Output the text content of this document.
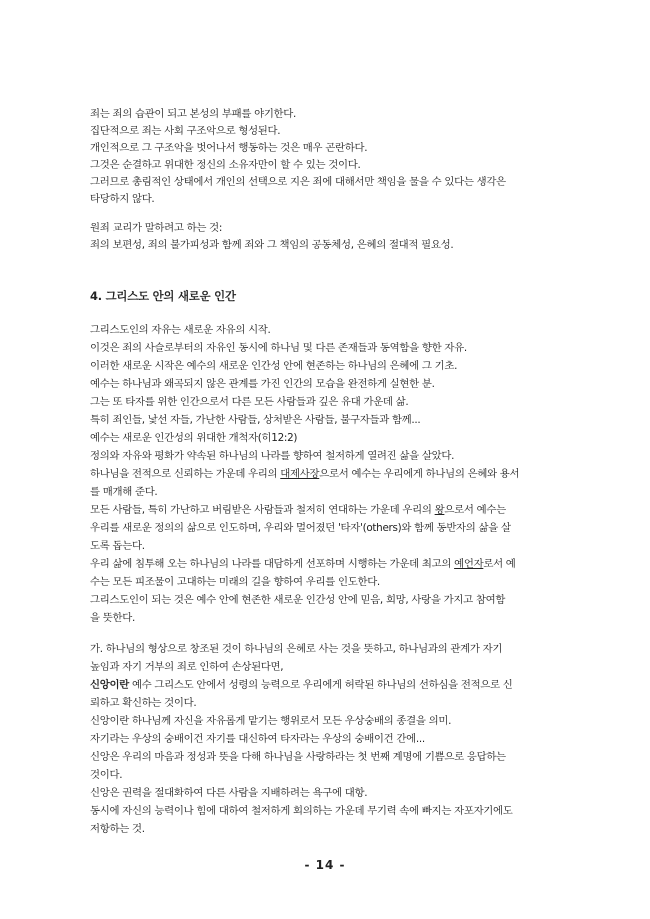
죄는 죄의 습관이 되고 본성의 부패를 야기한다.
집단적으로 죄는 사회 구조악으로 형성된다.
개인적으로 그 구조악을 벗어나서 행동하는 것은 매우 곤란하다.
그것은 순결하고 위대한 정신의 소유자만이 할 수 있는 것이다.
그러므로 총림적인 상태에서 개인의 선택으로 지은 죄에 대해서만 책임을 물을 수 있다는 생각은
타당하지 않다.
원죄 교리가 말하려고 하는 것:
죄의 보편성, 죄의 불가피성과 함께 죄와 그 책임의 공동체성, 은혜의 절대적 필요성.
4. 그리스도 안의 새로운 인간
그리스도인의 자유는 새로운 자유의 시작.
이것은 죄의 사슬로부터의 자유인 동시에 하나님 및 다른 존재들과 동역함을 향한 자유.
이러한 새로운 시작은 예수의 새로운 인간성 안에 현존하는 하나님의 은혜에 그 기초.
예수는 하나님과 왜곡되지 않은 관계를 가진 인간의 모습을 완전하게 실현한 분.
그는 또 타자를 위한 인간으로서 다른 모든 사람들과 깊은 유대 가운데 삶.
특히 죄인들, 낯선 자들, 가난한 사람들, 상처받은 사람들, 불구자들과 함께...
예수는 새로운 인간성의 위대한 개척자(히12:2)
정의와 자유와 평화가 약속된 하나님의 나라를 향하여 철저하게 열려진 삶을 살았다.
하나님을 전적으로 신뢰하는 가운데 우리의 대제사장으로서 예수는 우리에게 하나님의 은혜와 용서
를 매개해 준다.
모든 사람들, 특히 가난하고 버림받은 사람들과 철저히 연대하는 가운데 우리의 왕으로서 예수는
우리를 새로운 정의의 삶으로 인도하며, 우리와 멀어졌던 '타자'(others)와 함께 동반자의 삶을 살
도록 돕는다.
우리 삶에 침투해 오는 하나님의 나라를 대담하게 선포하며 시행하는 가운데 최고의 예언자로서 예
수는 모든 피조물이 고대하는 미래의 길을 향하여 우리를 인도한다.
그리스도인이 되는 것은 예수 안에 현존한 새로운 인간성 안에 믿음, 희망, 사랑을 가지고 참여함
을 뜻한다.
가. 하나님의 형상으로 창조된 것이 하나님의 은혜로 사는 것을 뜻하고, 하나님과의 관계가 자기
높임과 자기 거부의 죄로 인하여 손상된다면,
신앙이란 예수 그리스도 안에서 성령의 능력으로 우리에게 허락된 하나님의 선하심을 전적으로 신
뢰하고 확신하는 것이다.
신앙이란 하나님께 자신을 자유롭게 맡기는 행위로서 모든 우상숭배의 종결을 의미.
자기라는 우상의 숭배이건 자기를 대신하여 타자라는 우상의 숭배이건 간에...
신앙은 우리의 마음과 정성과 뜻을 다해 하나님을 사랑하라는 첫 번째 계명에 기쁨으로 응답하는
것이다.
신앙은 권력을 절대화하여 다른 사람을 지배하려는 욕구에 대항.
동시에 자신의 능력이나 힘에 대하여 철저하게 회의하는 가운데 무기력 속에 빠지는 자포자기에도
저항하는 것.
- 14 -
